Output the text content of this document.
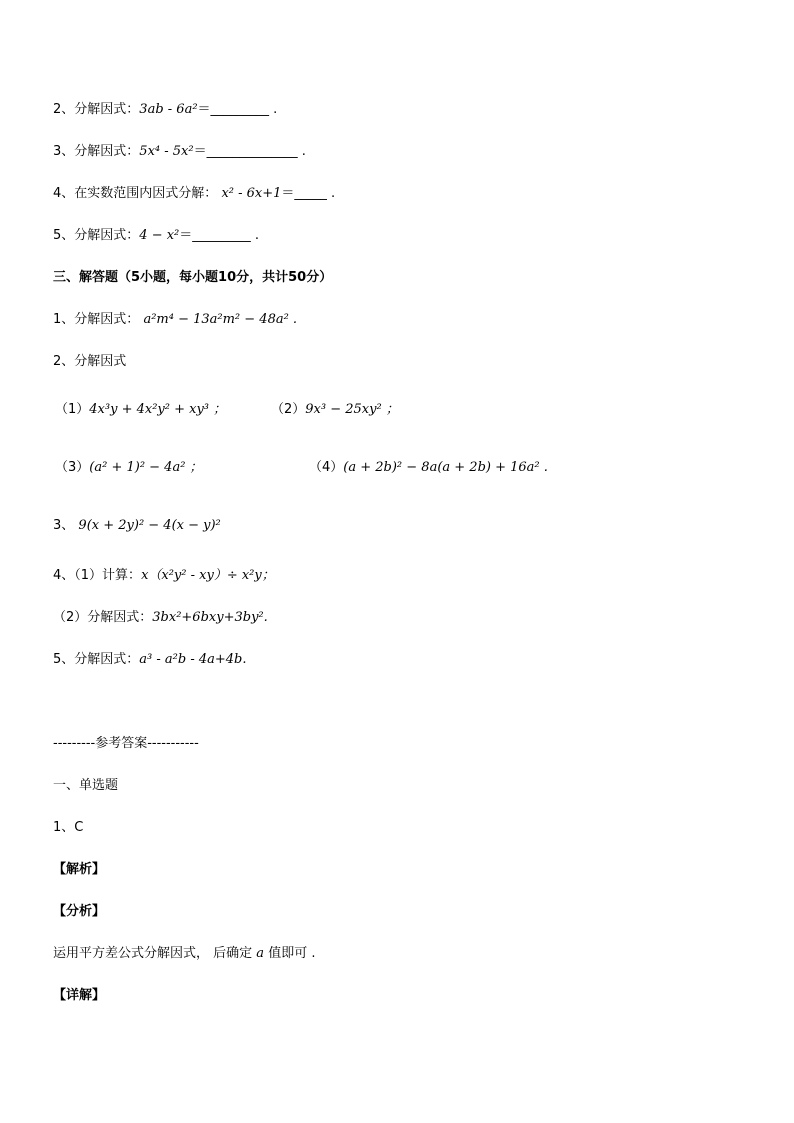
2、分解因式：3ab - 6a²＝_________ .
3、分解因式：5x⁴ - 5x²＝______________ .
4、在实数范围内因式分解： x² - 6x+1＝_____ .
5、分解因式：4 − x²＝_________ .
三、解答题（5小题，每小题10分，共计50分）
1、分解因式： a²m⁴ − 13a²m² − 48a² .
2、分解因式
（1）4x³y + 4x²y² + xy³ ；	（2）9x³ − 25xy² ；
（3）(a² + 1)² − 4a² ；	（4）(a + 2b)² − 8a(a + 2b) + 16a² .
3、 9(x + 2y)² − 4(x − y)²
4、（1）计算：x（x²y² - xy）÷ x²y；
（2）分解因式：3bx²+6bxy+3by².
5、分解因式：a³ - a²b - 4a+4b.
---------参考答案-----------
一、单选题
1、C
【解析】
【分析】
运用平方差公式分解因式， 后确定 a 值即可 .
【详解】
